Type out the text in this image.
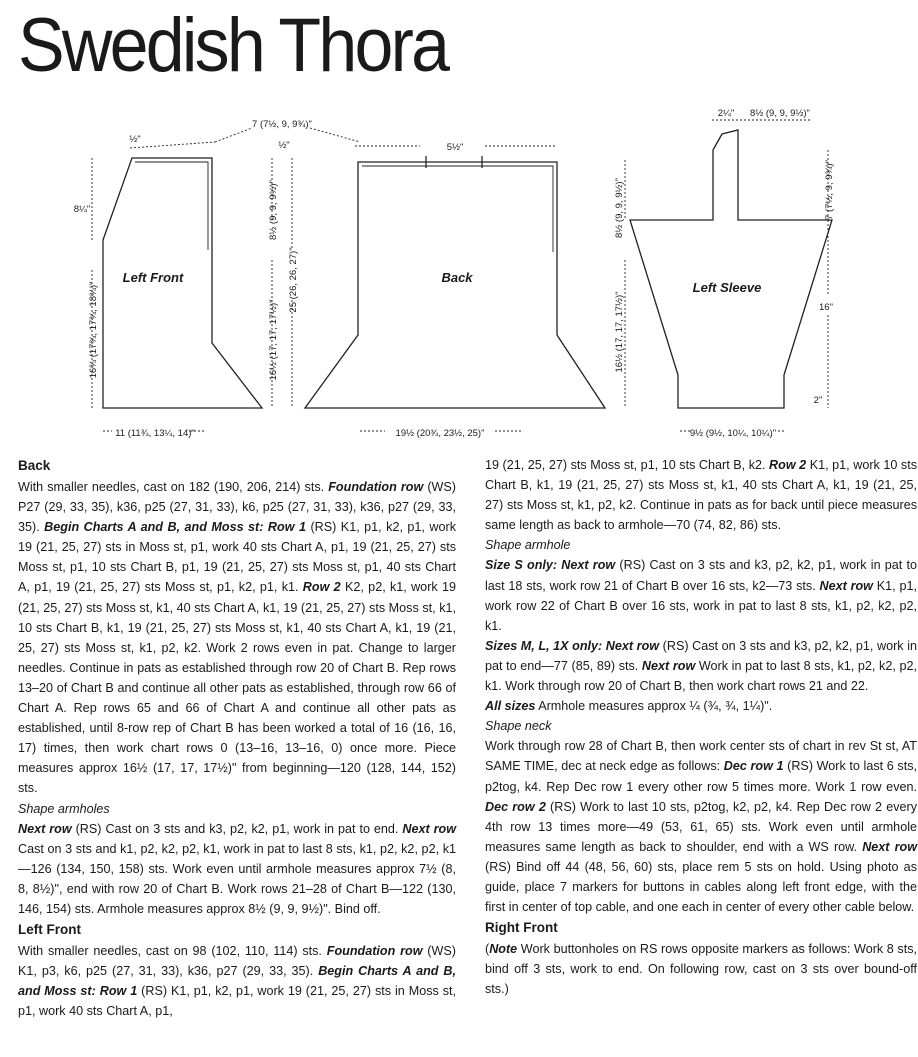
Swedish Thora
Left Front	Back
Left Sleeve
7 (7½, 9, 9¾)"
½"
½"	5½"
11 (11¾, 13¼, 14)"	19½ (20¾, 23½, 25)"	9½ (9½, 10¼, 10¼)"
2¼" 8½ (9, 9, 9½)"
8¼"
16"
2"
16¾ (17¾, 17¾, 18¾)"
8½ (9, 9, 9½)"
16½ (17, 17, 17½)"
25 (26, 26, 27)"
8½ (9, 9, 9½)"
16½ (17, 17, 17½)"
7 (7½, 9, 9¾)"

Back

With smaller needles, cast on 182 (190, 206, 214) sts. Foundation row (WS) P27 (29, 33, 35), k36, p25 (27, 31, 33), k6, p25 (27, 31, 33), k36, p27 (29, 33, 35). Begin Charts A and B, and Moss st: Row 1 (RS) K1, p1, k2, p1, work 19 (21, 25, 27) sts in Moss st, p1, work 40 sts Chart A, p1, 19 (21, 25, 27) sts Moss st, p1, 10 sts Chart B, p1, 19 (21, 25, 27) sts Moss st, p1, 40 sts Chart A, p1, 19 (21, 25, 27) sts Moss st, p1, k2, p1, k1. Row 2 K2, p2, k1, work 19 (21, 25, 27) sts Moss st, k1, 40 sts Chart A, k1, 19 (21, 25, 27) sts Moss st, k1, 10 sts Chart B, k1, 19 (21, 25, 27) sts Moss st, k1, 40 sts Chart A, k1, 19 (21, 25, 27) sts Moss st, k1, p2, k2. Work 2 rows even in pat. Change to larger needles. Continue in pats as established through row 20 of Chart B. Rep rows 13–20 of Chart B and continue all other pats as established, through row 66 of Chart A. Rep rows 65 and 66 of Chart A and continue all other pats as established, until 8-row rep of Chart B has been worked a total of 16 (16, 16, 17) times, then work chart rows 0 (13–16, 13–16, 0) once more. Piece measures approx 16½ (17, 17, 17½)" from beginning—120 (128, 144, 152) sts.

Shape armholes

Next row (RS) Cast on 3 sts and k3, p2, k2, p1, work in pat to end. Next row Cast on 3 sts and k1, p2, k2, p2, k1, work in pat to last 8 sts, k1, p2, k2, p2, k1—126 (134, 150, 158) sts. Work even until armhole measures approx 7½ (8, 8, 8½)", end with row 20 of Chart B. Work rows 21–28 of Chart B—122 (130, 146, 154) sts. Armhole measures approx 8½ (9, 9, 9½)". Bind off.

Left Front

With smaller needles, cast on 98 (102, 110, 114) sts. Foundation row (WS) K1, p3, k6, p25 (27, 31, 33), k36, p27 (29, 33, 35). Begin Charts A and B, and Moss st: Row 1 (RS) K1, p1, k2, p1, work 19 (21, 25, 27) sts in Moss st, p1, work 40 sts Chart A, p1,

19 (21, 25, 27) sts Moss st, p1, 10 sts Chart B, k2. Row 2 K1, p1, work 10 sts Chart B, k1, 19 (21, 25, 27) sts Moss st, k1, 40 sts Chart A, k1, 19 (21, 25, 27) sts Moss st, k1, p2, k2. Continue in pats as for back until piece measures same length as back to armhole—70 (74, 82, 86) sts.

Shape armhole

Size S only: Next row (RS) Cast on 3 sts and k3, p2, k2, p1, work in pat to last 18 sts, work row 21 of Chart B over 16 sts, k2—73 sts. Next row K1, p1, work row 22 of Chart B over 16 sts, work in pat to last 8 sts, k1, p2, k2, p2, k1.

Sizes M, L, 1X only: Next row (RS) Cast on 3 sts and k3, p2, k2, p1, work in pat to end—77 (85, 89) sts. Next row Work in pat to last 8 sts, k1, p2, k2, p2, k1. Work through row 20 of Chart B, then work chart rows 21 and 22.

All sizes Armhole measures approx ¼ (¾, ¾, 1¼)".

Shape neck

Work through row 28 of Chart B, then work center sts of chart in rev St st, AT SAME TIME, dec at neck edge as follows: Dec row 1 (RS) Work to last 6 sts, p2tog, k4. Rep Dec row 1 every other row 5 times more. Work 1 row even. Dec row 2 (RS) Work to last 10 sts, p2tog, k2, p2, k4. Rep Dec row 2 every 4th row 13 times more—49 (53, 61, 65) sts. Work even until armhole measures same length as back to shoulder, end with a WS row. Next row (RS) Bind off 44 (48, 56, 60) sts, place rem 5 sts on hold. Using photo as guide, place 7 markers for buttons in cables along left front edge, with the first in center of top cable, and one each in center of every other cable below.

Right Front

(Note Work buttonholes on RS rows opposite markers as follows: Work 8 sts, bind off 3 sts, work to end. On following row, cast on 3 sts over bound-off sts.)
